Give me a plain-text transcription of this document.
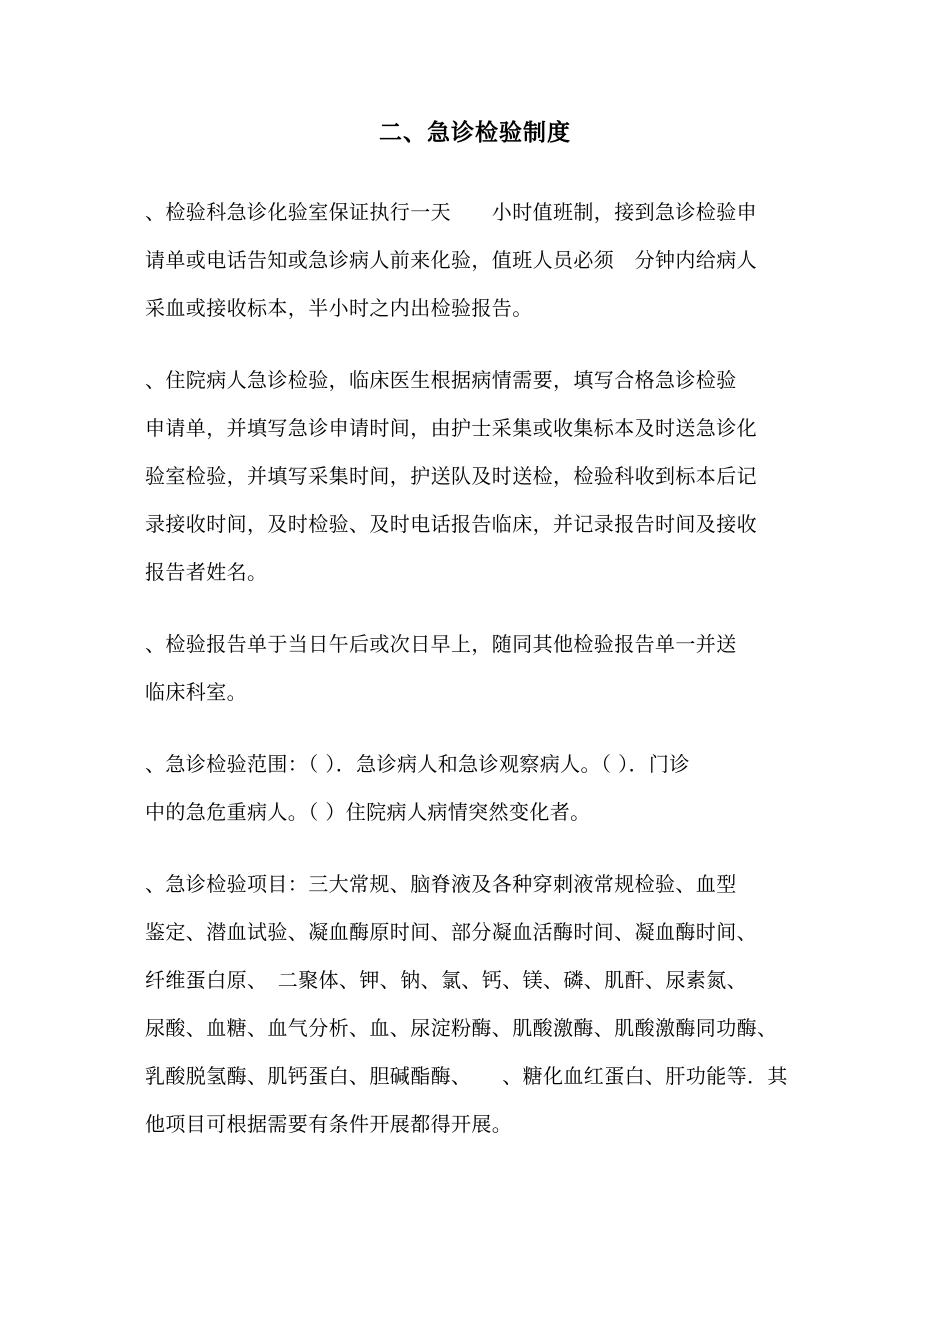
二、急诊检验制度
、检验科急诊化验室保证执行一天　　小时值班制，接到急诊检验申
请单或电话告知或急诊病人前来化验，值班人员必须　分钟内给病人
采血或接收标本，半小时之内出检验报告。
、住院病人急诊检验，临床医生根据病情需要，填写合格急诊检验
申请单，并填写急诊申请时间，由护士采集或收集标本及时送急诊化
验室检验，并填写采集时间，护送队及时送检，检验科收到标本后记
录接收时间，及时检验、及时电话报告临床，并记录报告时间及接收
报告者姓名。
、检验报告单于当日午后或次日早上，随同其他检验报告单一并送
临床科室。
、急诊检验范围：（ ）．急诊病人和急诊观察病人。（ ）．门诊
中的急危重病人。（ ）住院病人病情突然变化者。
、急诊检验项目：三大常规、脑脊液及各种穿刺液常规检验、血型
鉴定、潜血试验、凝血酶原时间、部分凝血活酶时间、凝血酶时间、
纤维蛋白原、　二聚体、钾、钠、氯、钙、镁、磷、肌酐、尿素氮、
尿酸、血糖、血气分析、血、尿淀粉酶、肌酸激酶、肌酸激酶同功酶、
乳酸脱氢酶、肌钙蛋白、胆碱酯酶、　　、糖化血红蛋白、肝功能等．其
他项目可根据需要有条件开展都得开展。
